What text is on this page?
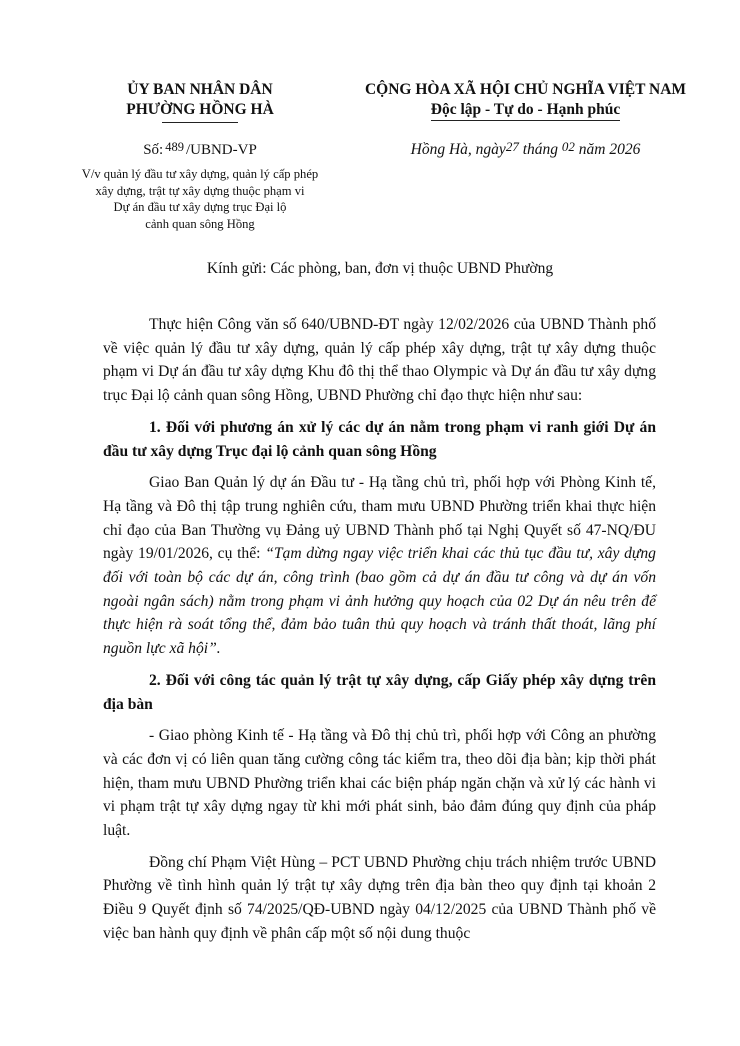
ỦY BAN NHÂN DÂN
PHƯỜNG HỒNG HÀ
Số: $^{489}$ /UBND-VP
V/v quản lý đầu tư xây dựng, quản lý cấp phép
xây dựng, trật tự xây dựng thuộc phạm vi
Dự án đầu tư xây dựng trục Đại lộ
cảnh quan sông Hồng
CỘNG HÒA XÃ HỘI CHỦ NGHĨA VIỆT NAM
Độc lập - Tự do - Hạnh phúc
Hồng Hà, ngày27 tháng 02 năm 2026
Kính gửi: Các phòng, ban, đơn vị thuộc UBND Phường

Thực hiện Công văn số 640/UBND-ĐT ngày 12/02/2026 của UBND Thành phố về việc quản lý đầu tư xây dựng, quản lý cấp phép xây dựng, trật tự xây dựng thuộc phạm vi Dự án đầu tư xây dựng Khu đô thị thể thao Olympic và Dự án đầu tư xây dựng trục Đại lộ cảnh quan sông Hồng, UBND Phường chỉ đạo thực hiện như sau:

1. Đối với phương án xử lý các dự án nằm trong phạm vi ranh giới Dự án đầu tư xây dựng Trục đại lộ cảnh quan sông Hồng

Giao Ban Quản lý dự án Đầu tư - Hạ tầng chủ trì, phối hợp với Phòng Kinh tế, Hạ tầng và Đô thị tập trung nghiên cứu, tham mưu UBND Phường triển khai thực hiện chỉ đạo của Ban Thường vụ Đảng uỷ UBND Thành phố tại Nghị Quyết số 47-NQ/ĐU ngày 19/01/2026, cụ thể: “Tạm dừng ngay việc triển khai các thủ tục đầu tư, xây dựng đối với toàn bộ các dự án, công trình (bao gồm cả dự án đầu tư công và dự án vốn ngoài ngân sách) nằm trong phạm vi ảnh hưởng quy hoạch của 02 Dự án nêu trên để thực hiện rà soát tổng thể, đảm bảo tuân thủ quy hoạch và tránh thất thoát, lãng phí nguồn lực xã hội”.

2. Đối với công tác quản lý trật tự xây dựng, cấp Giấy phép xây dựng trên địa bàn

- Giao phòng Kinh tế - Hạ tầng và Đô thị chủ trì, phối hợp với Công an phường và các đơn vị có liên quan tăng cường công tác kiểm tra, theo dõi địa bàn; kịp thời phát hiện, tham mưu UBND Phường triển khai các biện pháp ngăn chặn và xử lý các hành vi vi phạm trật tự xây dựng ngay từ khi mới phát sinh, bảo đảm đúng quy định của pháp luật.

Đồng chí Phạm Việt Hùng – PCT UBND Phường chịu trách nhiệm trước UBND Phường về tình hình quản lý trật tự xây dựng trên địa bàn theo quy định tại khoản 2 Điều 9 Quyết định số 74/2025/QĐ-UBND ngày 04/12/2025 của UBND Thành phố về việc ban hành quy định về phân cấp một số nội dung thuộc
